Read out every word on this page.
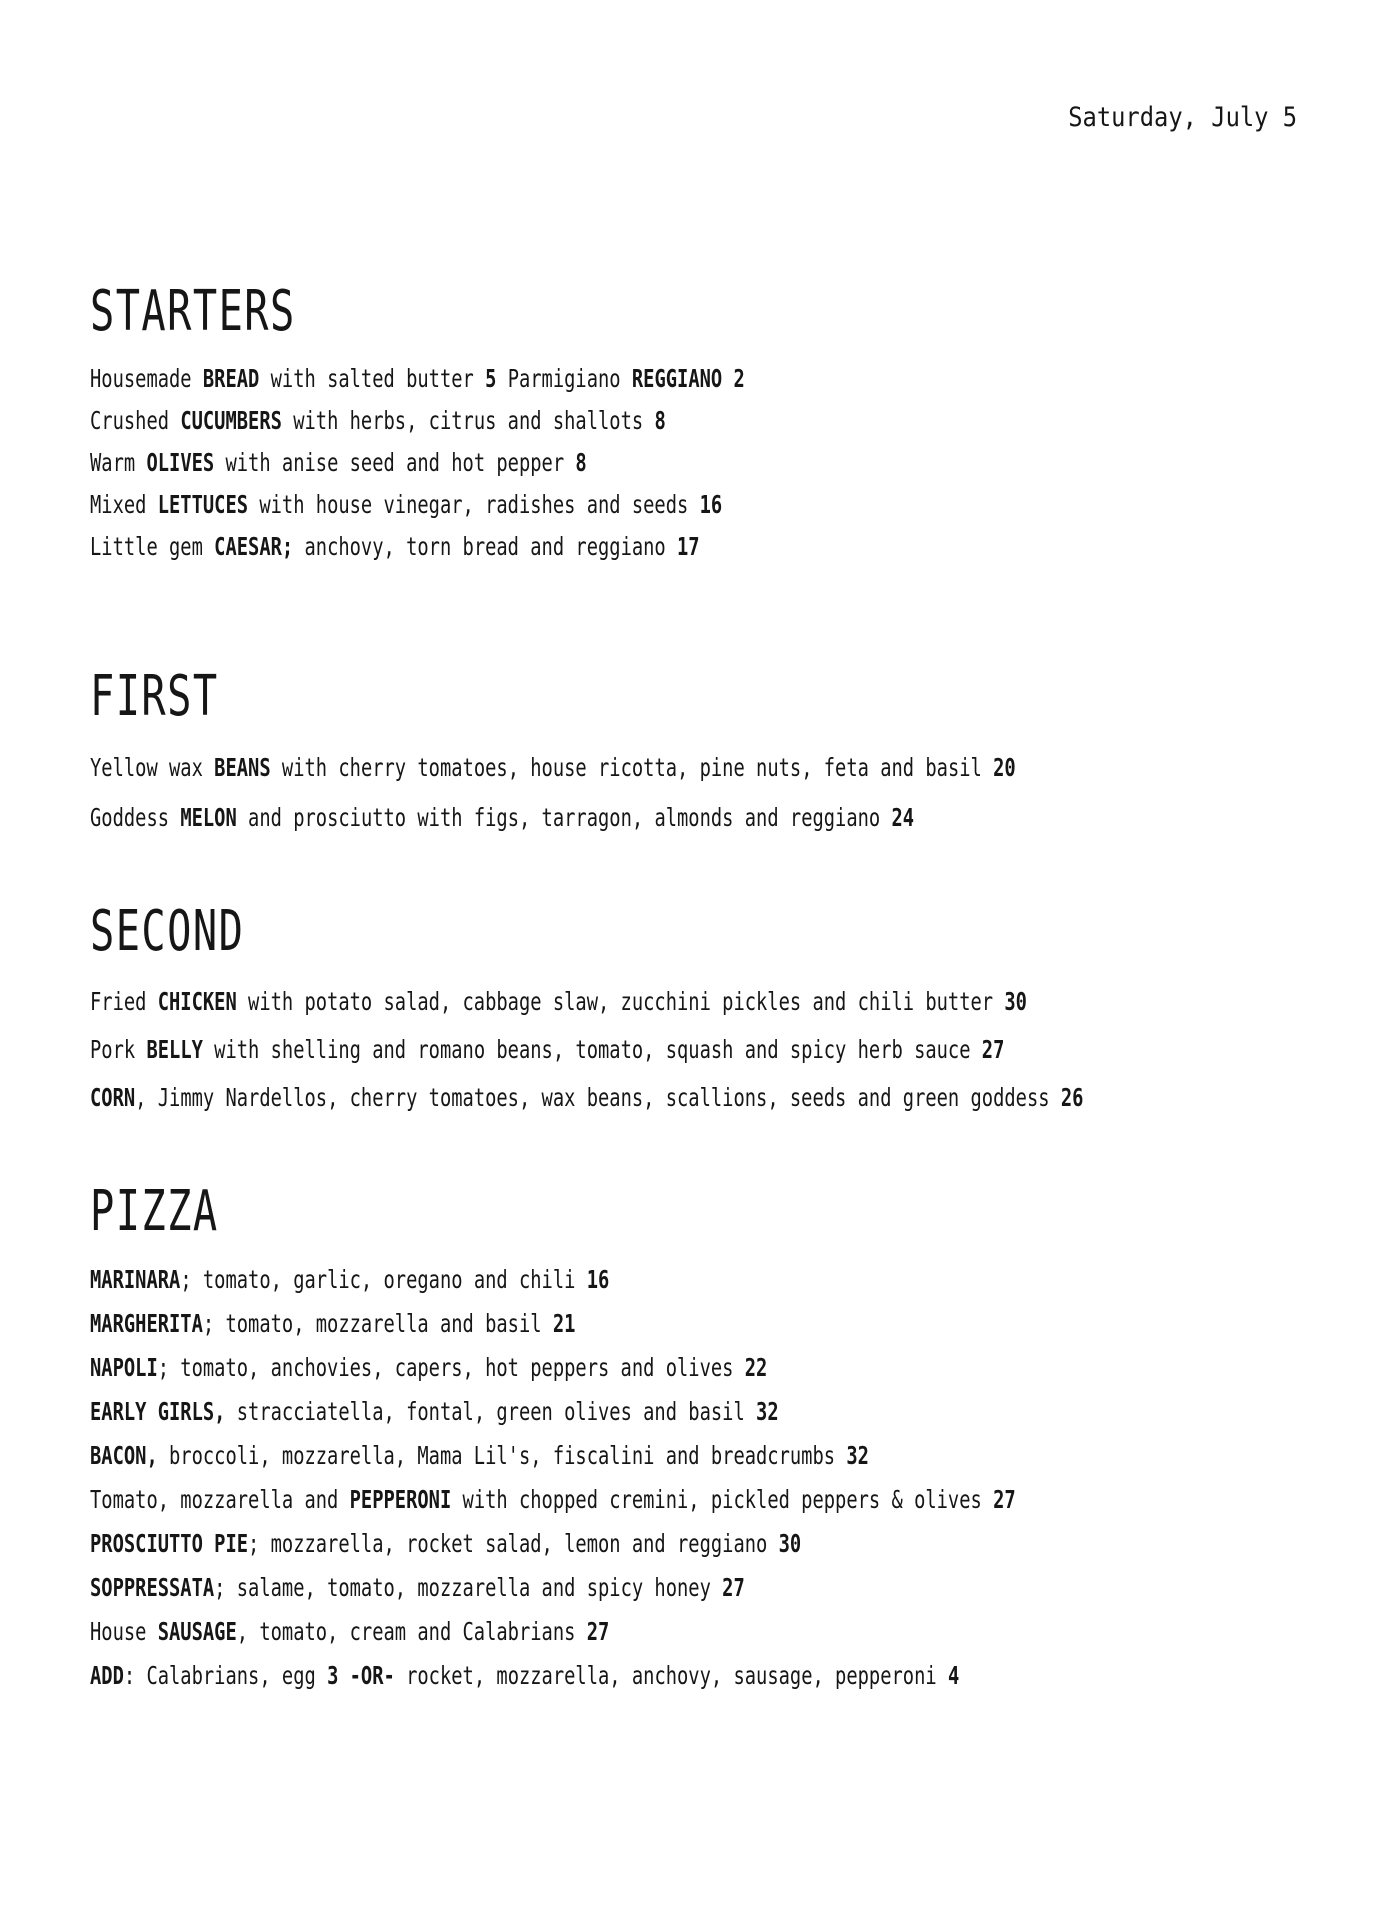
Saturday, July 5
STARTERS
Housemade BREAD with salted butter 5 Parmigiano REGGIANO 2
Crushed CUCUMBERS with herbs, citrus and shallots 8
Warm OLIVES with anise seed and hot pepper 8
Mixed LETTUCES with house vinegar, radishes and seeds 16
Little gem CAESAR; anchovy, torn bread and reggiano 17
FIRST
Yellow wax BEANS with cherry tomatoes, house ricotta, pine nuts, feta and basil 20
Goddess MELON and prosciutto with figs, tarragon, almonds and reggiano 24
SECOND
Fried CHICKEN with potato salad, cabbage slaw, zucchini pickles and chili butter 30
Pork BELLY with shelling and romano beans, tomato, squash and spicy herb sauce 27
CORN, Jimmy Nardellos, cherry tomatoes, wax beans, scallions, seeds and green goddess 26
PIZZA
MARINARA; tomato, garlic, oregano and chili 16
MARGHERITA; tomato, mozzarella and basil 21
NAPOLI; tomato, anchovies, capers, hot peppers and olives 22
EARLY GIRLS, stracciatella, fontal, green olives and basil 32
BACON, broccoli, mozzarella, Mama Lil's, fiscalini and breadcrumbs 32
Tomato, mozzarella and PEPPERONI with chopped cremini, pickled peppers & olives 27
PROSCIUTTO PIE; mozzarella, rocket salad, lemon and reggiano 30
SOPPRESSATA; salame, tomato, mozzarella and spicy honey 27
House SAUSAGE, tomato, cream and Calabrians 27
ADD: Calabrians, egg 3 -OR- rocket, mozzarella, anchovy, sausage, pepperoni 4
